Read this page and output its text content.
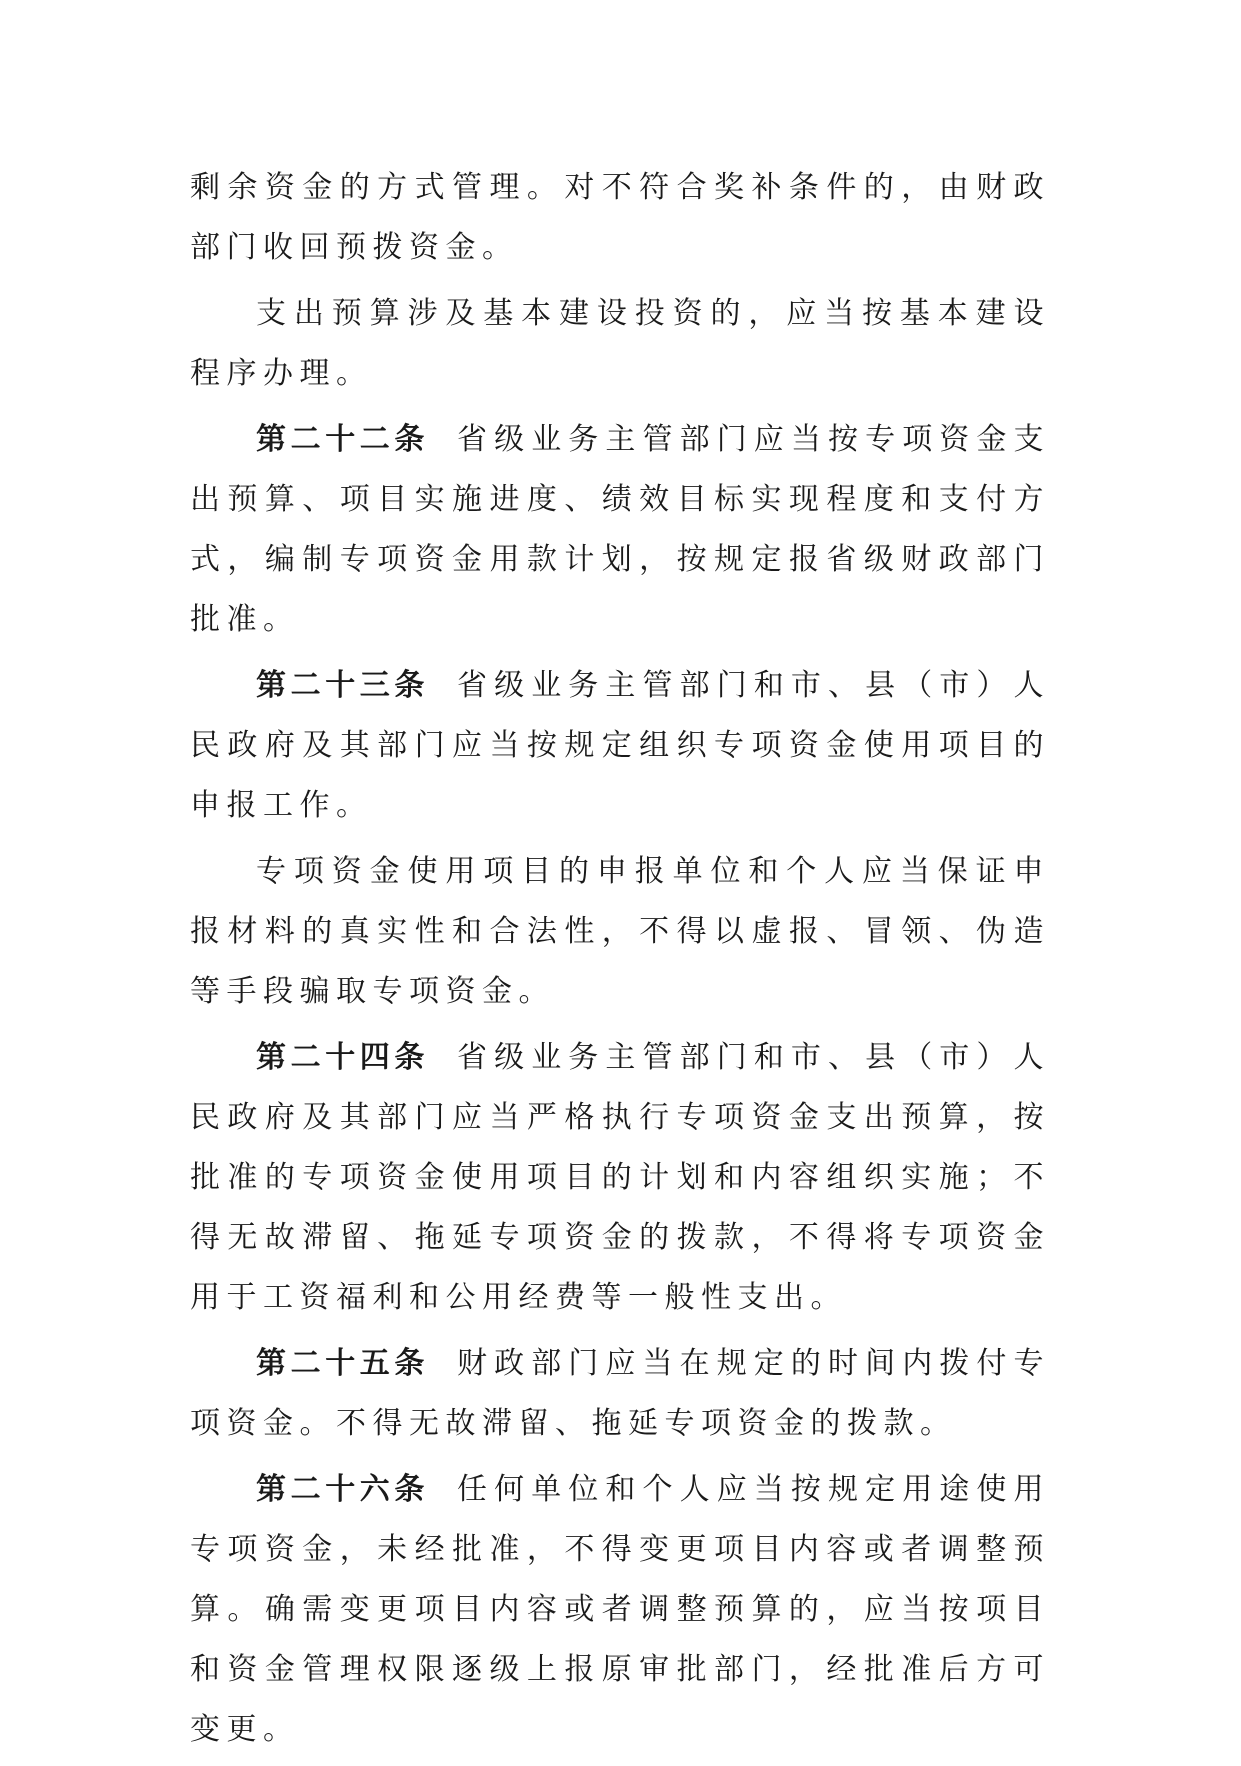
剩余资金的方式管理。对不符合奖补条件的，由财政部门收回预拨资金。

支出预算涉及基本建设投资的，应当按基本建设程序办理。

第二十二条 省级业务主管部门应当按专项资金支出预算、项目实施进度、绩效目标实现程度和支付方式，编制专项资金用款计划，按规定报省级财政部门批准。

第二十三条 省级业务主管部门和市、县（市）人民政府及其部门应当按规定组织专项资金使用项目的申报工作。

专项资金使用项目的申报单位和个人应当保证申报材料的真实性和合法性，不得以虚报、冒领、伪造等手段骗取专项资金。

第二十四条 省级业务主管部门和市、县（市）人民政府及其部门应当严格执行专项资金支出预算，按批准的专项资金使用项目的计划和内容组织实施；不得无故滞留、拖延专项资金的拨款，不得将专项资金用于工资福利和公用经费等一般性支出。

第二十五条 财政部门应当在规定的时间内拨付专项资金。不得无故滞留、拖延专项资金的拨款。

第二十六条 任何单位和个人应当按规定用途使用专项资金，未经批准，不得变更项目内容或者调整预算。确需变更项目内容或者调整预算的，应当按项目和资金管理权限逐级上报原审批部门，经批准后方可变更。
